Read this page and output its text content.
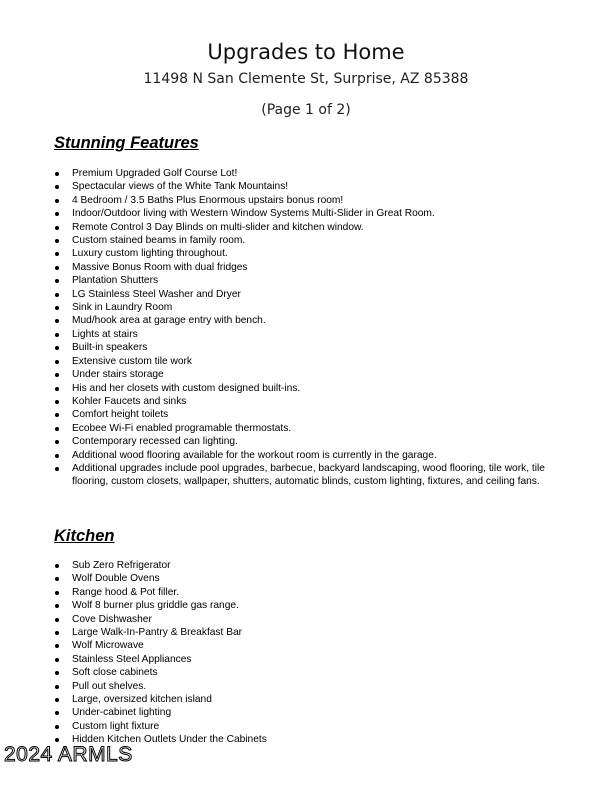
Upgrades to Home
11498 N San Clemente St, Surprise, AZ 85388
(Page 1 of 2)
Stunning Features
Premium Upgraded Golf Course Lot!
Spectacular views of the White Tank Mountains!
4 Bedroom / 3.5 Baths Plus Enormous upstairs bonus room!
Indoor/Outdoor living with Western Window Systems Multi-Slider in Great Room.
Remote Control 3 Day Blinds on multi-slider and kitchen window.
Custom stained beams in family room.
Luxury custom lighting throughout.
Massive Bonus Room with dual fridges
Plantation Shutters
LG Stainless Steel Washer and Dryer
Sink in Laundry Room
Mud/hook area at garage entry with bench.
Lights at stairs
Built-in speakers
Extensive custom tile work
Under stairs storage
His and her closets with custom designed built-ins.
Kohler Faucets and sinks
Comfort height toilets
Ecobee Wi-Fi enabled programable thermostats.
Contemporary recessed can lighting.
Additional wood flooring available for the workout room is currently in the garage.
Additional upgrades include pool upgrades, barbecue, backyard landscaping, wood flooring, tile work, tile flooring, custom closets, wallpaper, shutters, automatic blinds, custom lighting, fixtures, and ceiling fans.
Kitchen
Sub Zero Refrigerator
Wolf Double Ovens
Range hood & Pot filler.
Wolf 8 burner plus griddle gas range.
Cove Dishwasher
Large Walk-In-Pantry & Breakfast Bar
Wolf Microwave
Stainless Steel Appliances
Soft close cabinets
Pull out shelves.
Large, oversized kitchen island
Under-cabinet lighting
Custom light fixture
Hidden Kitchen Outlets Under the Cabinets
2024 ARMLS
